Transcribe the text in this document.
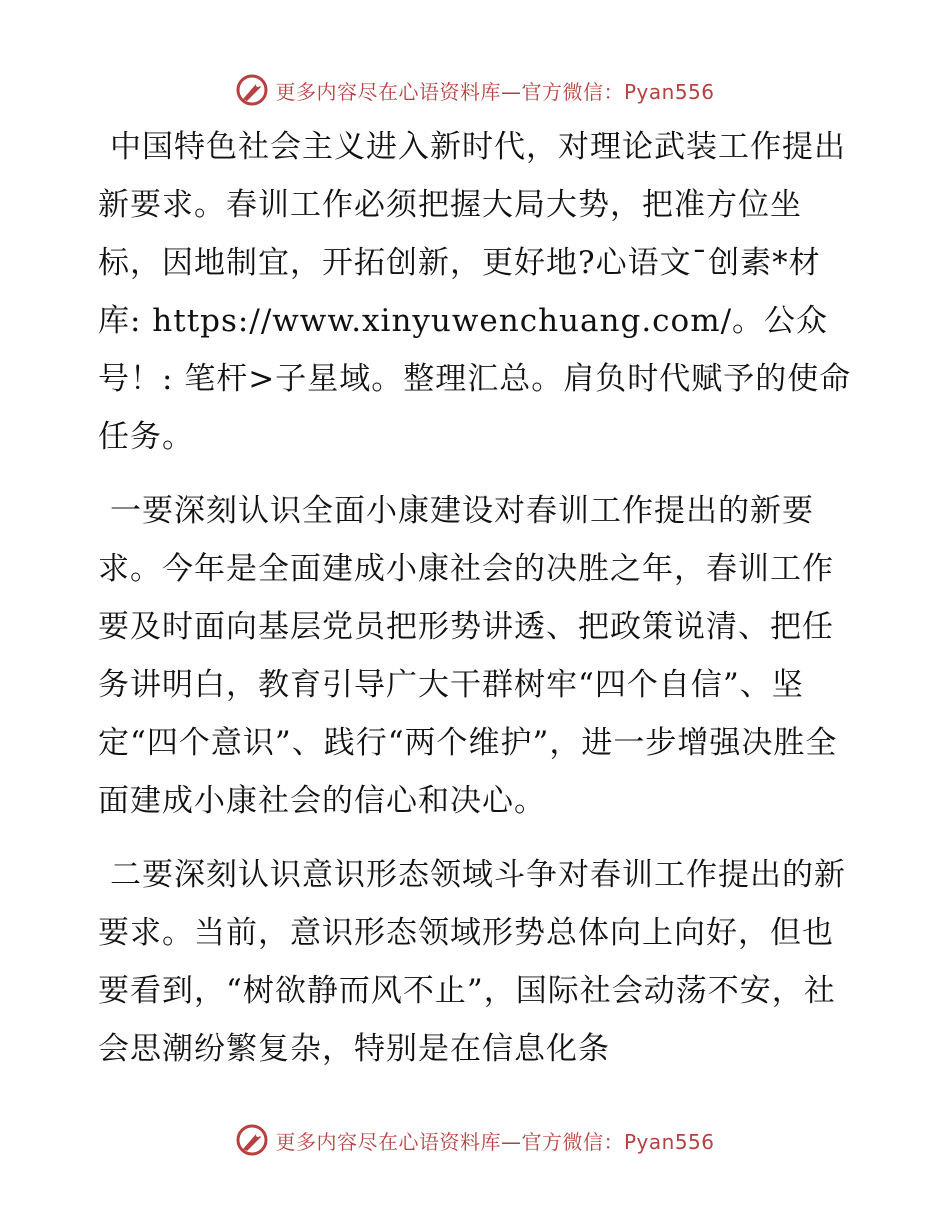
更多内容尽在心语资料库—官方微信：Pyan556

中国特色社会主义进入新时代，对理论武装工作提出新要求。春训工作必须把握大局大势，把准方位坐标，因地制宜，开拓创新，更好地?心语文¯创素*材库: https://www.xinyuwenchuang.com/。公众号！: 笔杆>子星域。整理汇总。肩负时代赋予的使命任务。

一要深刻认识全面小康建设对春训工作提出的新要求。今年是全面建成小康社会的决胜之年，春训工作要及时面向基层党员把形势讲透、把政策说清、把任务讲明白，教育引导广大干群树牢“四个自信”、坚定“四个意识”、践行“两个维护”，进一步增强决胜全面建成小康社会的信心和决心。

二要深刻认识意识形态领域斗争对春训工作提出的新要求。当前，意识形态领域形势总体向上向好，但也要看到，“树欲静而风不止”，国际社会动荡不安，社会思潮纷繁复杂，特别是在信息化条

更多内容尽在心语资料库—官方微信：Pyan556
